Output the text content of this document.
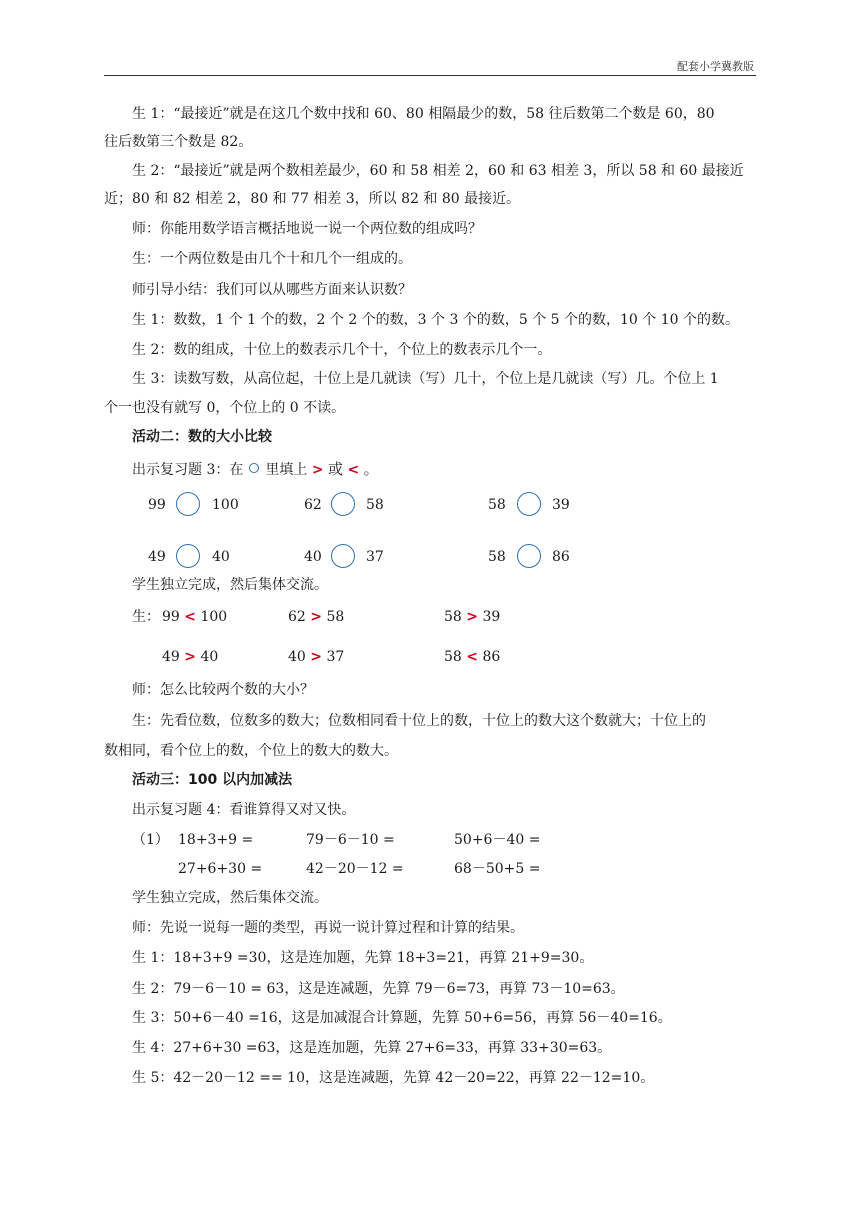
配套小学冀教版
生 1：“最接近”就是在这几个数中找和 60、80 相隔最少的数，58 往后数第二个数是 60，80
往后数第三个数是 82。
生 2：“最接近”就是两个数相差最少，60 和 58 相差 2，60 和 63 相差 3，所以 58 和 60 最接近
近；80 和 82 相差 2，80 和 77 相差 3，所以 82 和 80 最接近。
师：你能用数学语言概括地说一说一个两位数的组成吗？
生：一个两位数是由几个十和几个一组成的。
师引导小结：我们可以从哪些方面来认识数？
生 1：数数，1 个 1 个的数，2 个 2 个的数，3 个 3 个的数，5 个 5 个的数，10 个 10 个的数。
生 2：数的组成，十位上的数表示几个十，个位上的数表示几个一。
生 3：读数写数，从高位起，十位上是几就读（写）几十，个位上是几就读（写）几。个位上 1
个一也没有就写 0，个位上的 0 不读。
活动二：数的大小比较
出示复习题 3：在 里填上 > 或 < 。
99	100	62	58	58	39
49	40	40	37	58	86
学生独立完成，然后集体交流。
生： 99 < 100	62 > 58	58 > 39
49 > 40	40 > 37	58 < 86
师：怎么比较两个数的大小？
生：先看位数，位数多的数大；位数相同看十位上的数，十位上的数大这个数就大；十位上的
数相同，看个位上的数，个位上的数大的数大。
活动三：100 以内加减法
出示复习题 4：看谁算得又对又快。
（1） 18+3+9 =	79－6－10 =	50+6－40 =
27+6+30 =	42－20－12 =	68－50+5 =
学生独立完成，然后集体交流。
师：先说一说每一题的类型，再说一说计算过程和计算的结果。
生 1：18+3+9 =30，这是连加题，先算 18+3=21，再算 21+9=30。
生 2：79－6－10 = 63，这是连减题，先算 79－6=73，再算 73－10=63。
生 3：50+6－40 =16，这是加减混合计算题，先算 50+6=56，再算 56－40=16。
生 4：27+6+30 =63，这是连加题，先算 27+6=33，再算 33+30=63。
生 5：42－20－12 == 10，这是连减题，先算 42－20=22，再算 22－12=10。
